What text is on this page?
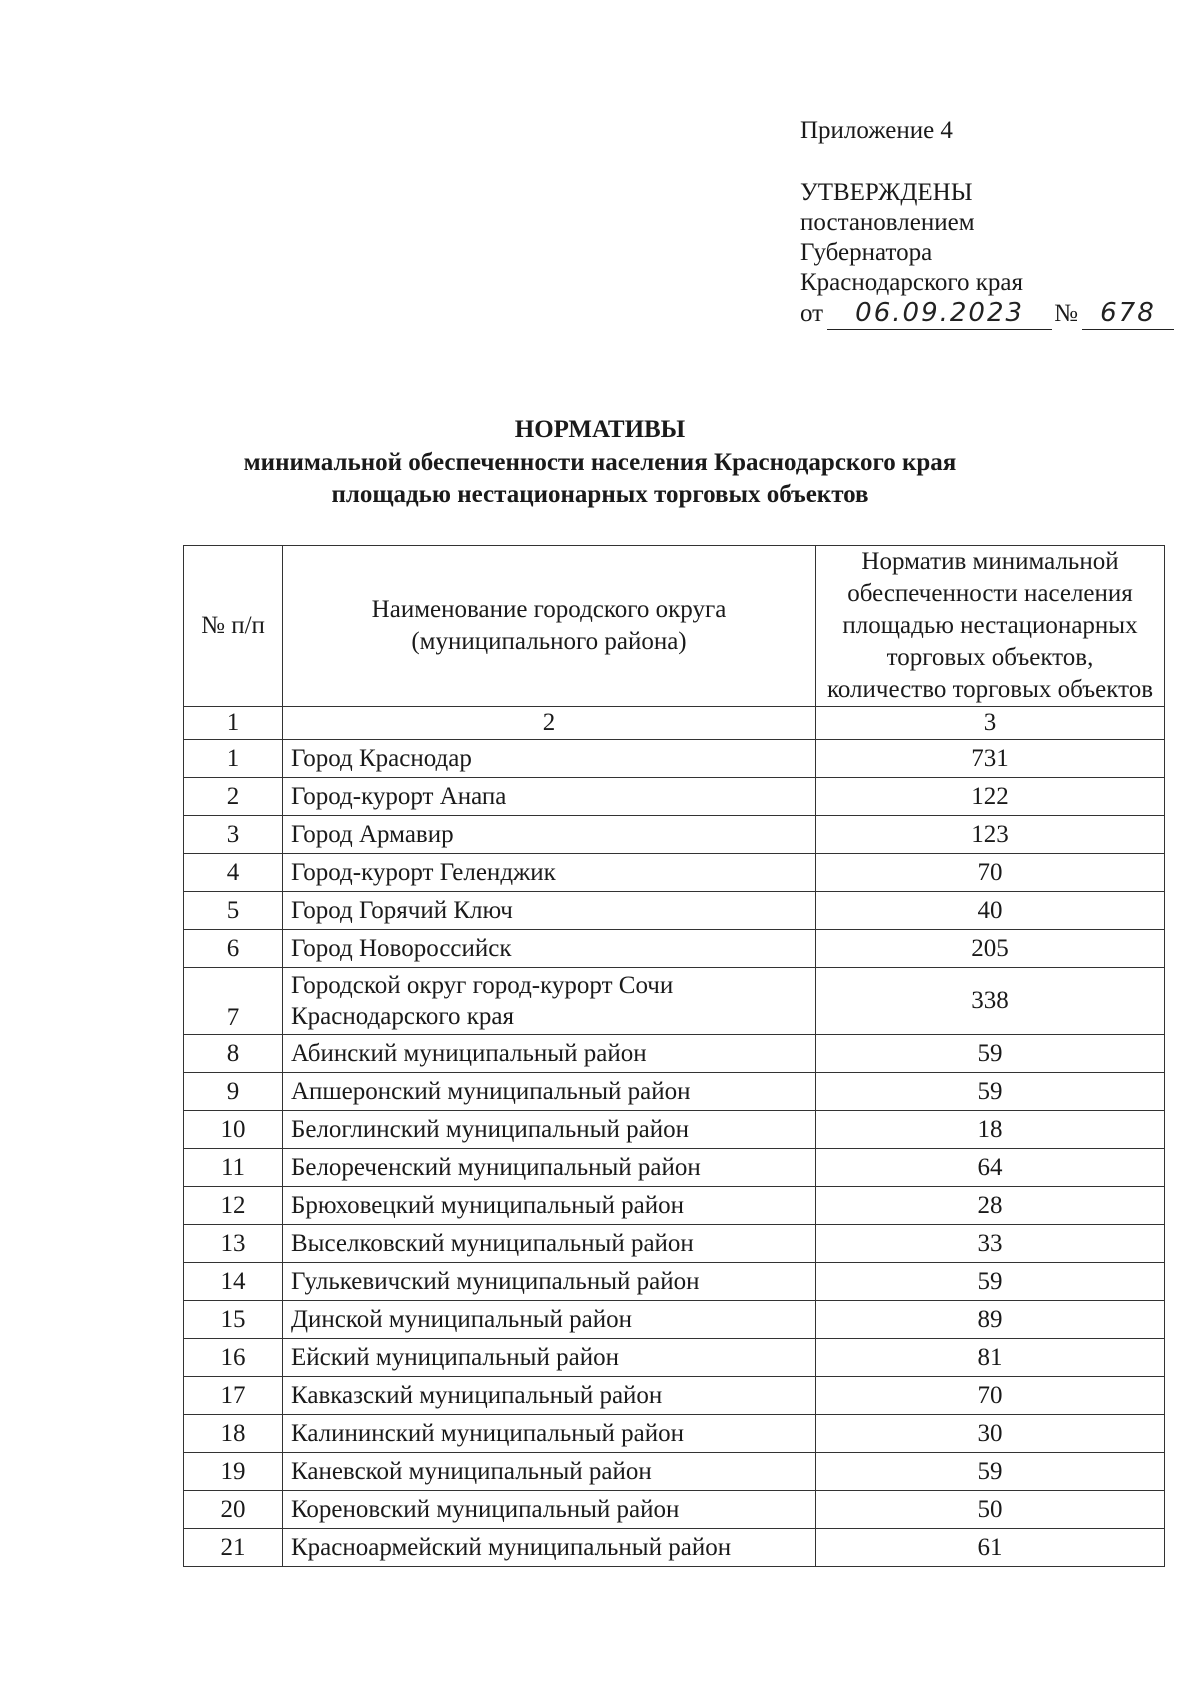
Приложение 4
УТВЕРЖДЕНЫ
постановлением
Губернатора
Краснодарского края
от 06.09.2023 № 678
НОРМАТИВЫ
минимальной обеспеченности населения Краснодарского края
площадью нестационарных торговых объектов
№ п/п	Наименование городского округа (муниципального района)	Норматив минимальной обеспеченности населения площадью нестационарных торговых объектов, количество торговых объектов
1	2	3
1	Город Краснодар	731
2	Город-курорт Анапа	122
3	Город Армавир	123
4	Город-курорт Геленджик	70
5	Город Горячий Ключ	40
6	Город Новороссийск	205
7	Городской округ город-курорт Сочи Краснодарского края	338
8	Абинский муниципальный район	59
9	Апшеронский муниципальный район	59
10	Белоглинский муниципальный район	18
11	Белореченский муниципальный район	64
12	Брюховецкий муниципальный район	28
13	Выселковский муниципальный район	33
14	Гулькевичский муниципальный район	59
15	Динской муниципальный район	89
16	Ейский муниципальный район	81
17	Кавказский муниципальный район	70
18	Калининский муниципальный район	30
19	Каневской муниципальный район	59
20	Кореновский муниципальный район	50
21	Красноармейский муниципальный район	61
